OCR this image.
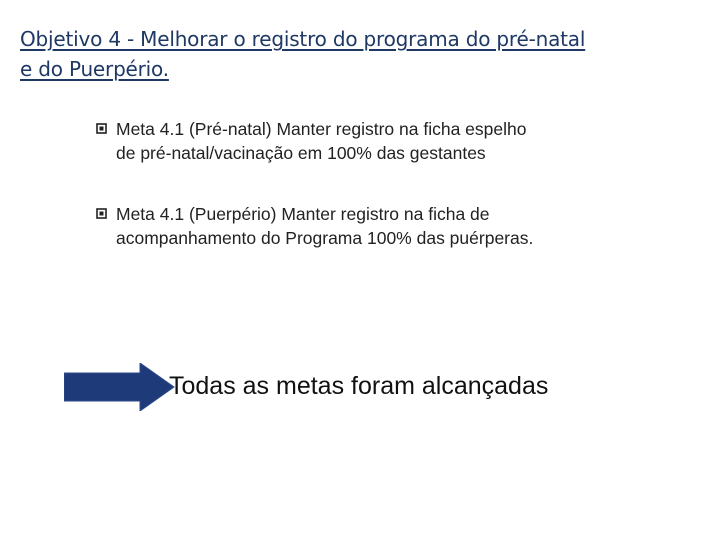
Objetivo 4 - Melhorar o registro do programa do pré-natal
e do Puerpério.
Meta 4.1 (Pré-natal) Manter registro na ficha espelho
de pré-natal/vacinação em 100% das gestantes
Meta 4.1 (Puerpério) Manter registro na ficha de
acompanhamento do Programa 100% das puérperas.
Todas as metas foram alcançadas
